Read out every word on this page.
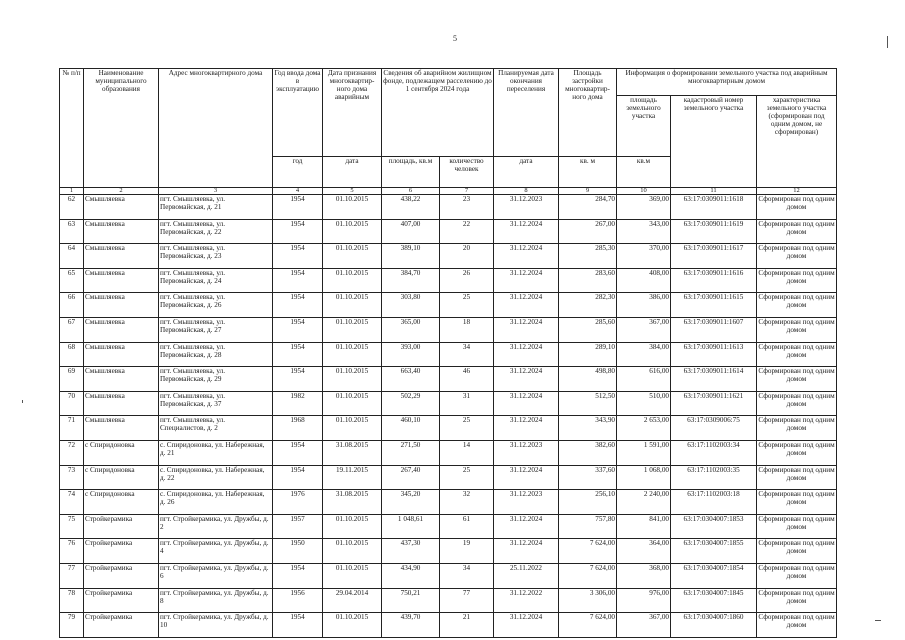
5
№ п/п	Наименование муниципального образования	Адрес многоквартирного дома	Год ввода дома в эксплуатацию	Дата признания многоквартир-ного дома аварийным	Сведения об аварийном жилищном фонде, подлежащем расселению до 1 сентября 2024 года		Планируемая дата окончания переселения	Площадь застройки многоквартир-ного дома	Информация о формировании земельного участка под аварийным многоквартирным домом		
									площадь земельного участка	кадастровый номер земельного участка	характеристика земельного участка (сформирован под одним домом, не сформирован)
			год	дата	площадь, кв.м	количество человек	дата	кв. м	кв.м		
1	2	3	4	5	6	7	8	9	10	11	12
62	Смышляевка	пгт. Смышляевка, ул. Первомайская, д. 21	1954	01.10.2015	438,22	23	31.12.2023	284,70	369,00	63:17:0309011:1618	Сформирован под одним домом
63	Смышляевка	пгт. Смышляевка, ул. Первомайская, д. 22	1954	01.10.2015	407,00	22	31.12.2024	267,00	343,00	63:17:0309011:1619	Сформирован под одним домом
64	Смышляевка	пгт. Смышляевка, ул. Первомайская, д. 23	1954	01.10.2015	389,10	20	31.12.2024	285,30	370,00	63:17:0309011:1617	Сформирован под одним домом
65	Смышляевка	пгт. Смышляевка, ул. Первомайская, д. 24	1954	01.10.2015	384,70	26	31.12.2024	283,60	408,00	63:17:0309011:1616	Сформирован под одним домом
66	Смышляевка	пгт. Смышляевка, ул. Первомайская, д. 26	1954	01.10.2015	303,80	25	31.12.2024	282,30	386,00	63:17:0309011:1615	Сформирован под одним домом
67	Смышляевка	пгт. Смышляевка, ул. Первомайская, д. 27	1954	01.10.2015	365,00	18	31.12.2024	285,60	367,00	63:17:0309011:1607	Сформирован под одним домом
68	Смышляевка	пгт. Смышляевка, ул. Первомайская, д. 28	1954	01.10.2015	393,00	34	31.12.2024	289,10	384,00	63:17:0309011:1613	Сформирован под одним домом
69	Смышляевка	пгт. Смышляевка, ул. Первомайская, д. 29	1954	01.10.2015	663,40	46	31.12.2024	498,80	616,00	63:17:0309011:1614	Сформирован под одним домом
70	Смышляевка	пгт. Смышляевка, ул. Первомайская, д. 37	1982	01.10.2015	502,29	31	31.12.2024	512,50	510,00	63:17:0309011:1621	Сформирован под одним домом
71	Смышляевка	пгт. Смышляевка, ул. Специалистов, д. 2	1968	01.10.2015	460,10	25	31.12.2024	343,90	2 653,00	63:17:0309006:75	Сформирован под одним домом
72	с Спиридоновка	с. Спиридоновка, ул. Набережная, д. 21	1954	31.08.2015	271,50	14	31.12.2023	382,60	1 591,00	63:17:1102003:34	Сформирован под одним домом
73	с Спиридоновка	с. Спиридоновка, ул. Набережная, д. 22	1954	19.11.2015	267,40	25	31.12.2024	337,60	1 068,00	63:17:1102003:35	Сформирован под одним домом
74	с Спиридоновка	с. Спиридоновка, ул. Набережная, д. 26	1976	31.08.2015	345,20	32	31.12.2023	256,10	2 240,00	63:17:1102003:18	Сформирован под одним домом
75	Стройкерамика	пгт. Стройкерамика, ул. Дружбы, д. 2	1957	01.10.2015	1 048,61	61	31.12.2024	757,80	841,00	63:17:0304007:1853	Сформирован под одним домом
76	Стройкерамика	пгт. Стройкерамика, ул. Дружбы, д. 4	1950	01.10.2015	437,30	19	31.12.2024	7 624,00	364,00	63:17:0304007:1855	Сформирован под одним домом
77	Стройкерамика	пгт. Стройкерамика, ул. Дружбы, д. 6	1954	01.10.2015	434,90	34	25.11.2022	7 624,00	368,00	63:17:0304007:1854	Сформирован под одним домом
78	Стройкерамика	пгт. Стройкерамика, ул. Дружбы, д. 8	1956	29.04.2014	750,21	77	31.12.2022	3 306,00	976,00	63:17:0304007:1845	Сформирован под одним домом
79	Стройкерамика	пгт. Стройкерамика, ул. Дружбы, д. 10	1954	01.10.2015	439,70	21	31.12.2024	7 624,00	367,00	63:17:0304007:1860	Сформирован под одним домом
